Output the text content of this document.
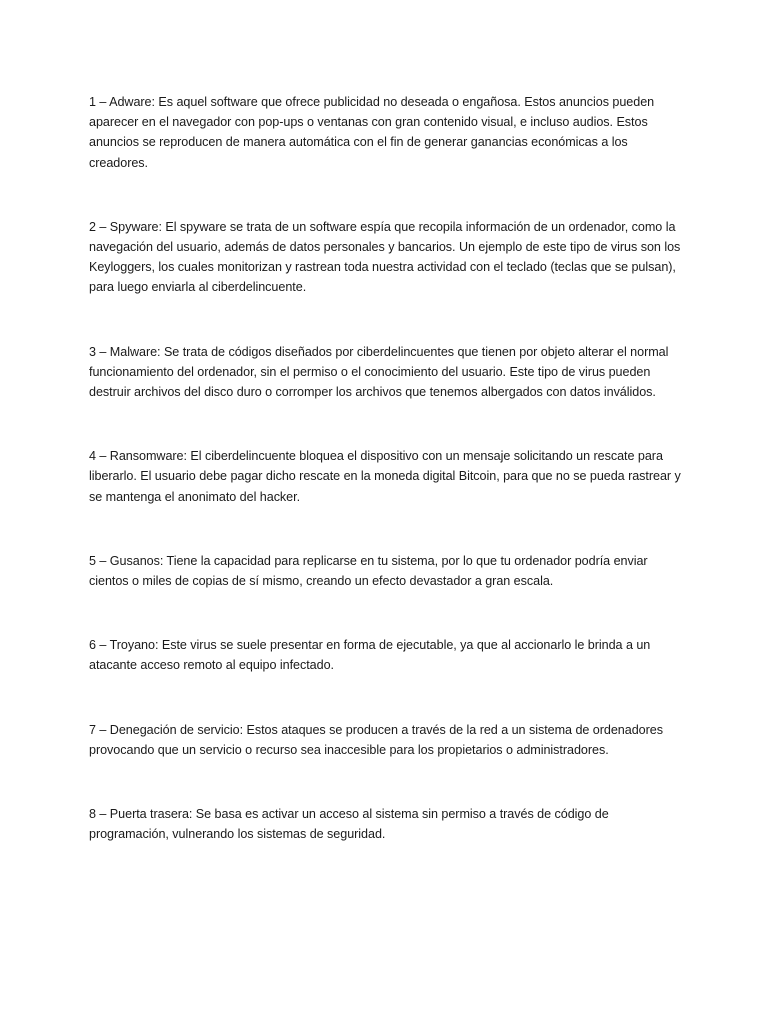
1 – Adware: Es aquel software que ofrece publicidad no deseada o engañosa. Estos anuncios pueden aparecer en el navegador con pop-ups o ventanas con gran contenido visual, e incluso audios. Estos anuncios se reproducen de manera automática con el fin de generar ganancias económicas a los creadores.

2 – Spyware: El spyware se trata de un software espía que recopila información de un ordenador, como la navegación del usuario, además de datos personales y bancarios. Un ejemplo de este tipo de virus son los Keyloggers, los cuales monitorizan y rastrean toda nuestra actividad con el teclado (teclas que se pulsan), para luego enviarla al ciberdelincuente.

3 – Malware: Se trata de códigos diseñados por ciberdelincuentes que tienen por objeto alterar el normal funcionamiento del ordenador, sin el permiso o el conocimiento del usuario. Este tipo de virus pueden destruir archivos del disco duro o corromper los archivos que tenemos albergados con datos inválidos.

4 – Ransomware: El ciberdelincuente bloquea el dispositivo con un mensaje solicitando un rescate para liberarlo. El usuario debe pagar dicho rescate en la moneda digital Bitcoin, para que no se pueda rastrear y se mantenga el anonimato del hacker.

5 – Gusanos: Tiene la capacidad para replicarse en tu sistema, por lo que tu ordenador podría enviar cientos o miles de copias de sí mismo, creando un efecto devastador a gran escala.

6 – Troyano: Este virus se suele presentar en forma de ejecutable, ya que al accionarlo le brinda a un atacante acceso remoto al equipo infectado.

7 – Denegación de servicio: Estos ataques se producen a través de la red a un sistema de ordenadores provocando que un servicio o recurso sea inaccesible para los propietarios o administradores.

8 – Puerta trasera: Se basa es activar un acceso al sistema sin permiso a través de código de programación, vulnerando los sistemas de seguridad.
